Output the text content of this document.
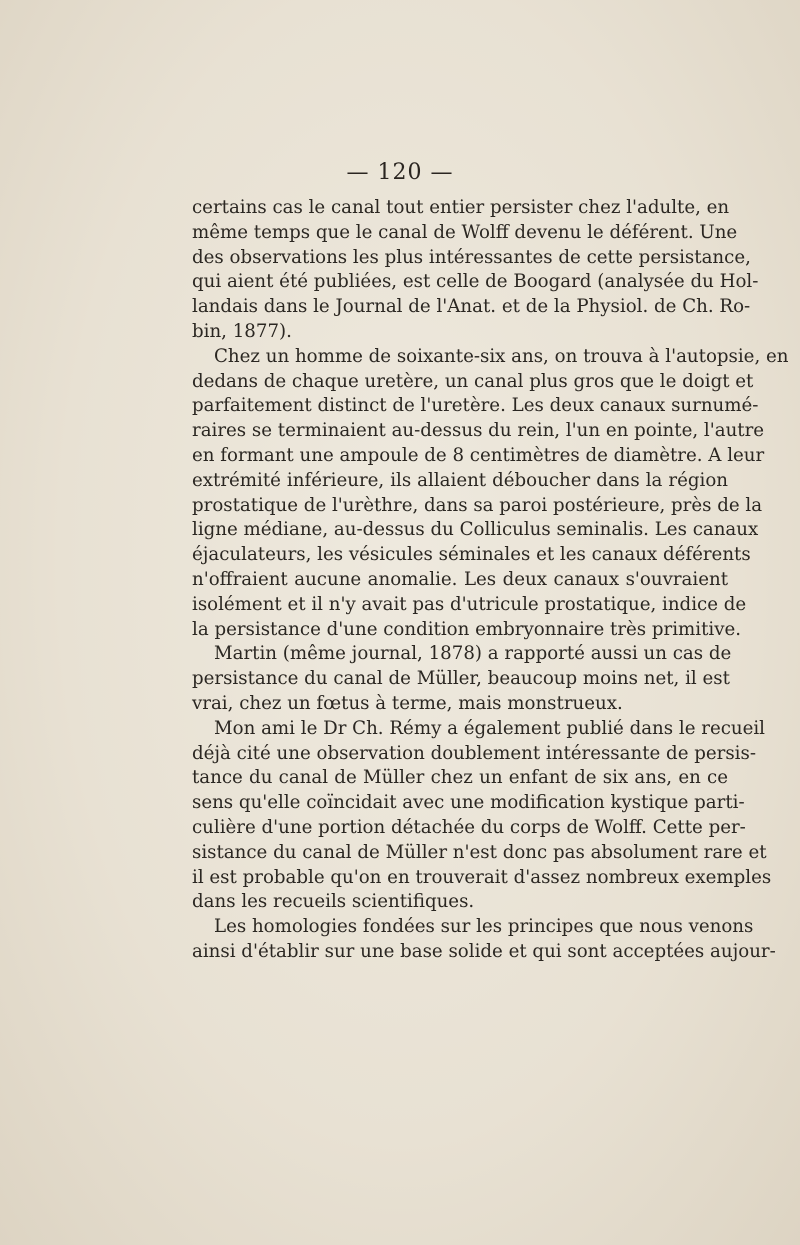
— 120 —
certains cas le canal tout entier persister chez l'adulte, en
même temps que le canal de Wolff devenu le déférent. Une
des observations les plus intéressantes de cette persistance,
qui aient été publiées, est celle de Boogard (analysée du Hol-
landais dans le Journal de l'Anat. et de la Physiol. de Ch. Ro-
bin, 1877).
Chez un homme de soixante-six ans, on trouva à l'autopsie, en
dedans de chaque uretère, un canal plus gros que le doigt et
parfaitement distinct de l'uretère. Les deux canaux surnumé-
raires se terminaient au-dessus du rein, l'un en pointe, l'autre
en formant une ampoule de 8 centimètres de diamètre. A leur
extrémité inférieure, ils allaient déboucher dans la région
prostatique de l'urèthre, dans sa paroi postérieure, près de la
ligne médiane, au-dessus du Colliculus seminalis. Les canaux
éjaculateurs, les vésicules séminales et les canaux déférents
n'offraient aucune anomalie. Les deux canaux s'ouvraient
isolément et il n'y avait pas d'utricule prostatique, indice de
la persistance d'une condition embryonnaire très primitive.
Martin (même journal, 1878) a rapporté aussi un cas de
persistance du canal de Müller, beaucoup moins net, il est
vrai, chez un fœtus à terme, mais monstrueux.
Mon ami le Dr Ch. Rémy a également publié dans le recueil
déjà cité une observation doublement intéressante de persis-
tance du canal de Müller chez un enfant de six ans, en ce
sens qu'elle coïncidait avec une modification kystique parti-
culière d'une portion détachée du corps de Wolff. Cette per-
sistance du canal de Müller n'est donc pas absolument rare et
il est probable qu'on en trouverait d'assez nombreux exemples
dans les recueils scientifiques.
Les homologies fondées sur les principes que nous venons
ainsi d'établir sur une base solide et qui sont acceptées aujour-
